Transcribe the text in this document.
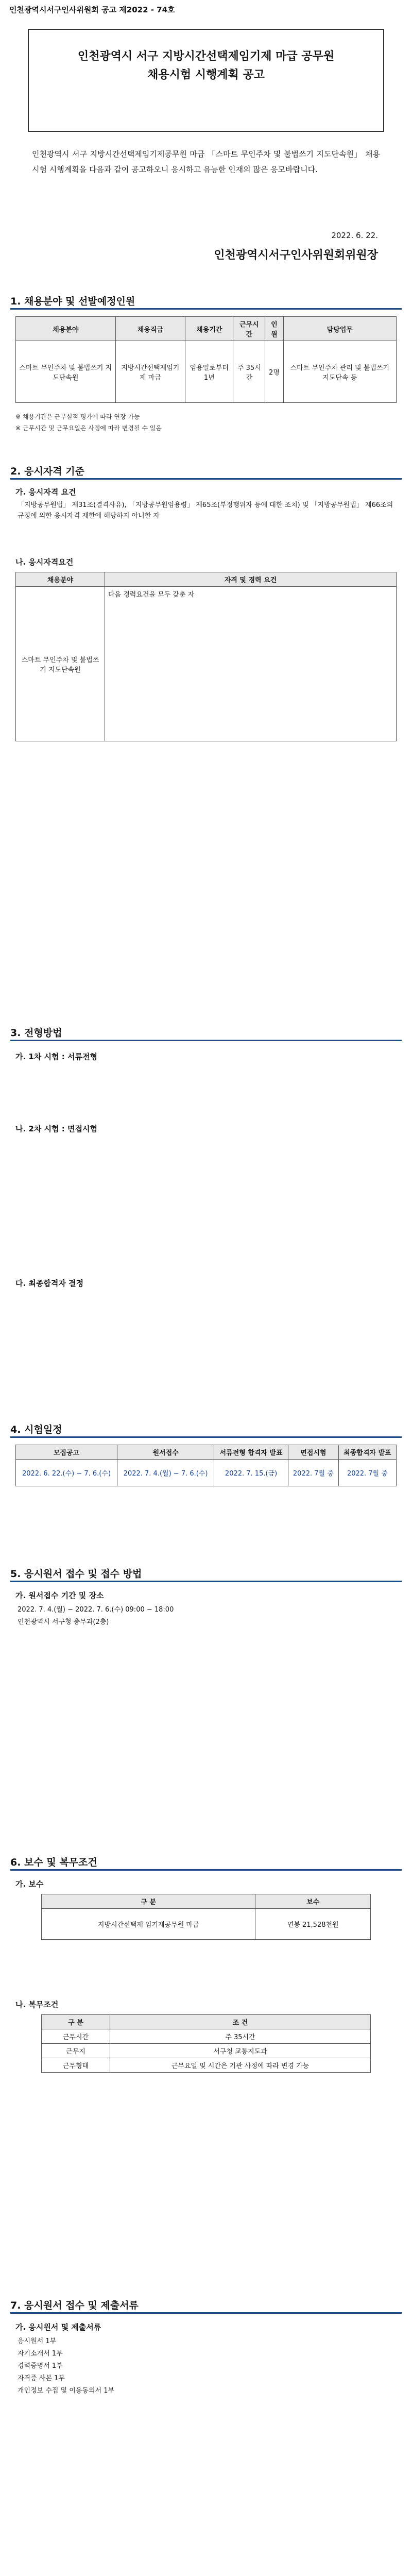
인천광역시서구인사위원회 공고 제2022 - 74호
인천광역시 서구 지방시간선택제임기제 마급 공무원
채용시험 시행계획 공고
인천광역시 서구 지방시간선택제임기제공무원 마급 「스마트 무인주차 및 불법쓰기 지도단속원」 채용시험 시행계획을 다음과 같이 공고하오니 응시하고 유능한 인재의 많은 응모바랍니다.
2022. 6. 22.
인천광역시서구인사위원회위원장
1. 채용분야 및 선발예정인원
채용분야	채용직급	채용기간	근무시간	인원	담당업무
스마트 무인주차 및 불법쓰기 지도단속원	지방시간선택제임기제 마급	임용일로부터 1년	주 35시간	2명	스마트 무인주차 관리 및 불법쓰기 지도단속 등
※ 채용기간은 근무실적 평가에 따라 연장 가능
※ 근무시간 및 근무요일은 사정에 따라 변경될 수 있음
2. 응시자격 기준
가. 응시자격 요건
「지방공무원법」 제31조(결격사유), 「지방공무원임용령」 제65조(부정행위자 등에 대한 조치) 및 「지방공무원법」 제66조의 규정에 의한 응시자격 제한에 해당하지 아니한 자
나. 응시자격요건
채용분야	자격 및 경력 요건
스마트 무인주차 및 불법쓰기 지도단속원	다음 경력요건을 모두 갖춘 자
3. 전형방법
가. 1차 시험 : 서류전형
나. 2차 시험 : 면접시험
다. 최종합격자 결정
4. 시험일정
모집공고	원서접수	서류전형 합격자 발표	면접시험	최종합격자 발표
2022. 6. 22.(수) ~ 7. 6.(수)	2022. 7. 4.(월) ~ 7. 6.(수)	2022. 7. 15.(금)	2022. 7월 중	2022. 7월 중
5. 응시원서 접수 및 접수 방법
가. 원서접수 기간 및 장소
2022. 7. 4.(월) ~ 2022. 7. 6.(수) 09:00 ~ 18:00
인천광역시 서구청 총무과(2층)
6. 보수 및 복무조건
가. 보수
구 분	보수
지방시간선택제 임기제공무원 마급	연봉 21,528천원
나. 복무조건
구 분	조 건
근무시간	주 35시간
근무지	서구청 교통지도과
근무형태	근무요일 및 시간은 기관 사정에 따라 변경 가능
7. 응시원서 접수 및 제출서류
가. 응시원서 및 제출서류
응시원서 1부
자기소개서 1부
경력증명서 1부
자격증 사본 1부
개인정보 수집 및 이용동의서 1부
